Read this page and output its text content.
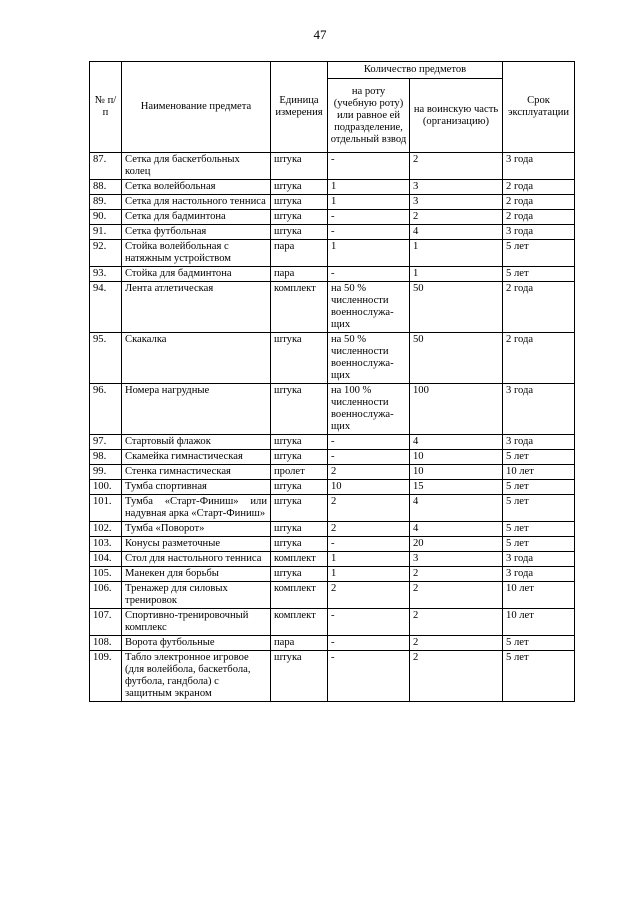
47
№ п/п	Наименование предмета	Единица измерения	Количество предметов		Срок эксплуатации
			на роту (учебную роту) или равное ей подразделение, отдельный взвод	на воинскую часть (организацию)	
87.	Сетка для баскетбольных колец	штука	-	2	3 года
88.	Сетка волейбольная	штука	1	3	2 года
89.	Сетка для настольного тенниса	штука	1	3	2 года
90.	Сетка для бадминтона	штука	-	2	2 года
91.	Сетка футбольная	штука	-	4	3 года
92.	Стойка волейбольная с натяжным устройством	пара	1	1	5 лет
93.	Стойка для бадминтона	пара	-	1	5 лет
94.	Лента атлетическая	комплект	на 50 % численности военнослужа-щих	50	2 года
95.	Скакалка	штука	на 50 % численности военнослужа-щих	50	2 года
96.	Номера нагрудные	штука	на 100 % численности военнослужа-щих	100	3 года
97.	Стартовый флажок	штука	-	4	3 года
98.	Скамейка гимнастическая	штука	-	10	5 лет
99.	Стенка гимнастическая	пролет	2	10	10 лет
100.	Тумба спортивная	штука	10	15	5 лет
101.	Тумба «Старт-Финиш» или надувная арка «Старт-Финиш»	штука	2	4	5 лет
102.	Тумба «Поворот»	штука	2	4	5 лет
103.	Конусы разметочные	штука	-	20	5 лет
104.	Стол для настольного тенниса	комплект	1	3	3 года
105.	Манекен для борьбы	штука	1	2	3 года
106.	Тренажер для силовых тренировок	комплект	2	2	10 лет
107.	Спортивно-тренировочный комплекс	комплект	-	2	10 лет
108.	Ворота футбольные	пара	-	2	5 лет
109.	Табло электронное игровое (для волейбола, баскетбола, футбола, гандбола) с защитным экраном	штука	-	2	5 лет
